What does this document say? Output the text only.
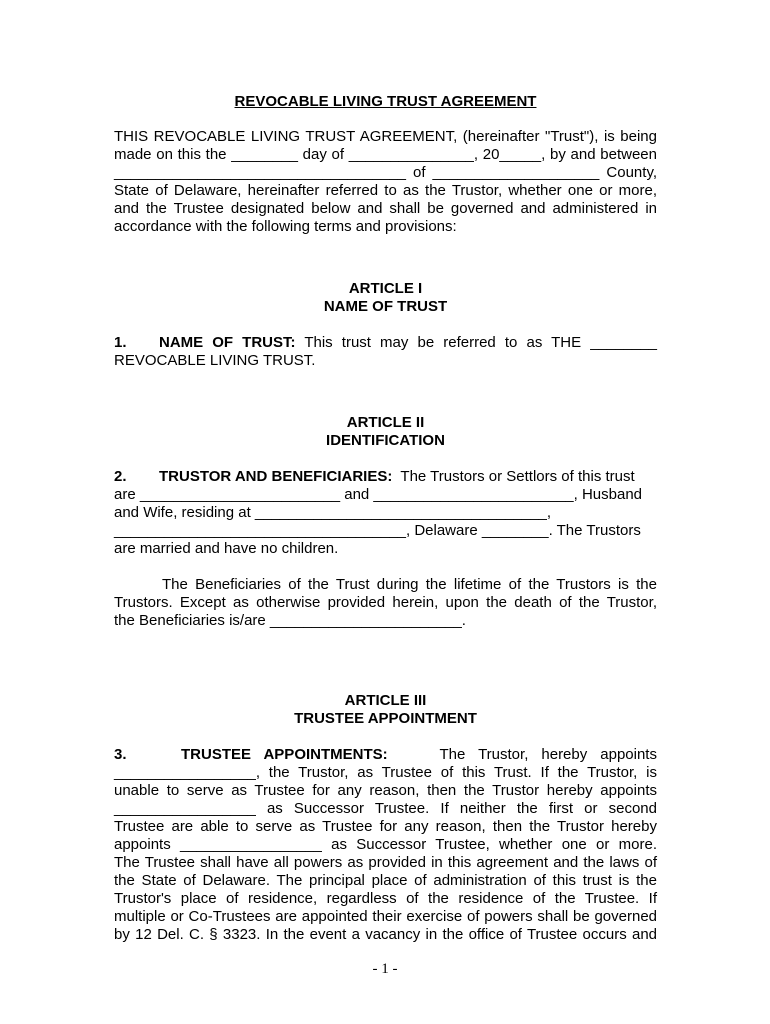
REVOCABLE LIVING TRUST AGREEMENT
THIS REVOCABLE LIVING TRUST AGREEMENT, (hereinafter "Trust"), is being
made on this the ________ day of _______________, 20_____, by and between
___________________________________ of ____________________ County,
State of Delaware, hereinafter referred to as the Trustor, whether one or more,
and the Trustee designated below and shall be governed and administered in
accordance with the following terms and provisions:
ARTICLE I
NAME OF TRUST
1. NAME OF TRUST: This trust may be referred to as THE ________
REVOCABLE LIVING TRUST.
ARTICLE II
IDENTIFICATION
2. TRUSTOR AND BENEFICIARIES: The Trustors or Settlors of this trust
are ________________________ and ________________________, Husband
and Wife, residing at ___________________________________,
___________________________________, Delaware ________. The Trustors
are married and have no children.
The Beneficiaries of the Trust during the lifetime of the Trustors is the
Trustors. Except as otherwise provided herein, upon the death of the Trustor,
the Beneficiaries is/are _______________________.
ARTICLE III
TRUSTEE APPOINTMENT
3.	TRUSTEE APPOINTMENTS:	The Trustor, hereby appoints
_________________, the Trustor, as Trustee of this Trust. If the Trustor, is
unable to serve as Trustee for any reason, then the Trustor hereby appoints
_________________ as Successor Trustee. If neither the first or second
Trustee are able to serve as Trustee for any reason, then the Trustor hereby
appoints _________________ as Successor Trustee, whether one or more.
The Trustee shall have all powers as provided in this agreement and the laws of
the State of Delaware. The principal place of administration of this trust is the
Trustor's place of residence, regardless of the residence of the Trustee. If
multiple or Co-Trustees are appointed their exercise of powers shall be governed
by 12 Del. C. § 3323. In the event a vacancy in the office of Trustee occurs and
- 1 -
